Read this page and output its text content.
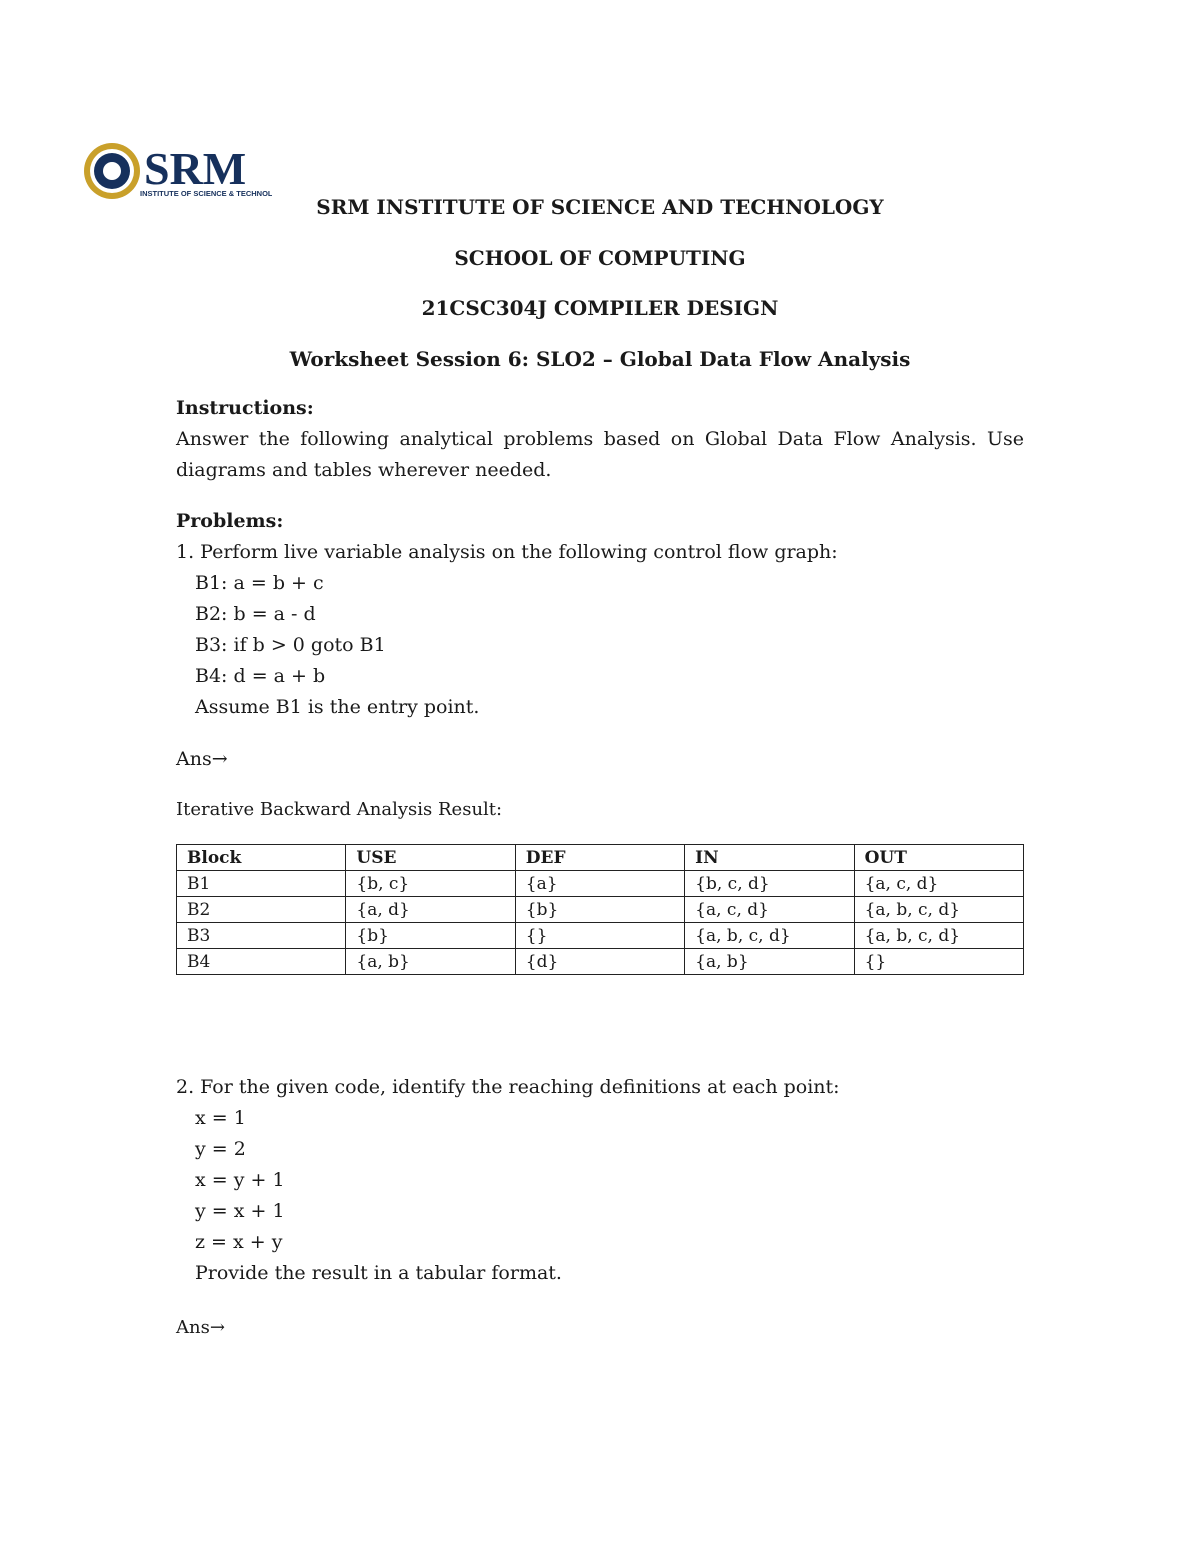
SRM
INSTITUTE OF SCIENCE & TECHNOL
SRM INSTITUTE OF SCIENCE AND TECHNOLOGY
SCHOOL OF COMPUTING
21CSC304J COMPILER DESIGN
Worksheet Session 6: SLO2 – Global Data Flow Analysis
Instructions:
Answer the following analytical problems based on Global Data Flow Analysis. Use diagrams and tables wherever needed.
Problems:
1. Perform live variable analysis on the following control flow graph:
B1: a = b + c
B2: b = a - d
B3: if b > 0 goto B1
B4: d = a + b
Assume B1 is the entry point.
Ans→
Iterative Backward Analysis Result:
Block	USE	DEF	IN	OUT
B1	{b, c}	{a}	{b, c, d}	{a, c, d}
B2	{a, d}	{b}	{a, c, d}	{a, b, c, d}
B3	{b}	{}	{a, b, c, d}	{a, b, c, d}
B4	{a, b}	{d}	{a, b}	{}
2. For the given code, identify the reaching definitions at each point:
x = 1
y = 2
x = y + 1
y = x + 1
z = x + y
Provide the result in a tabular format.
Ans→
